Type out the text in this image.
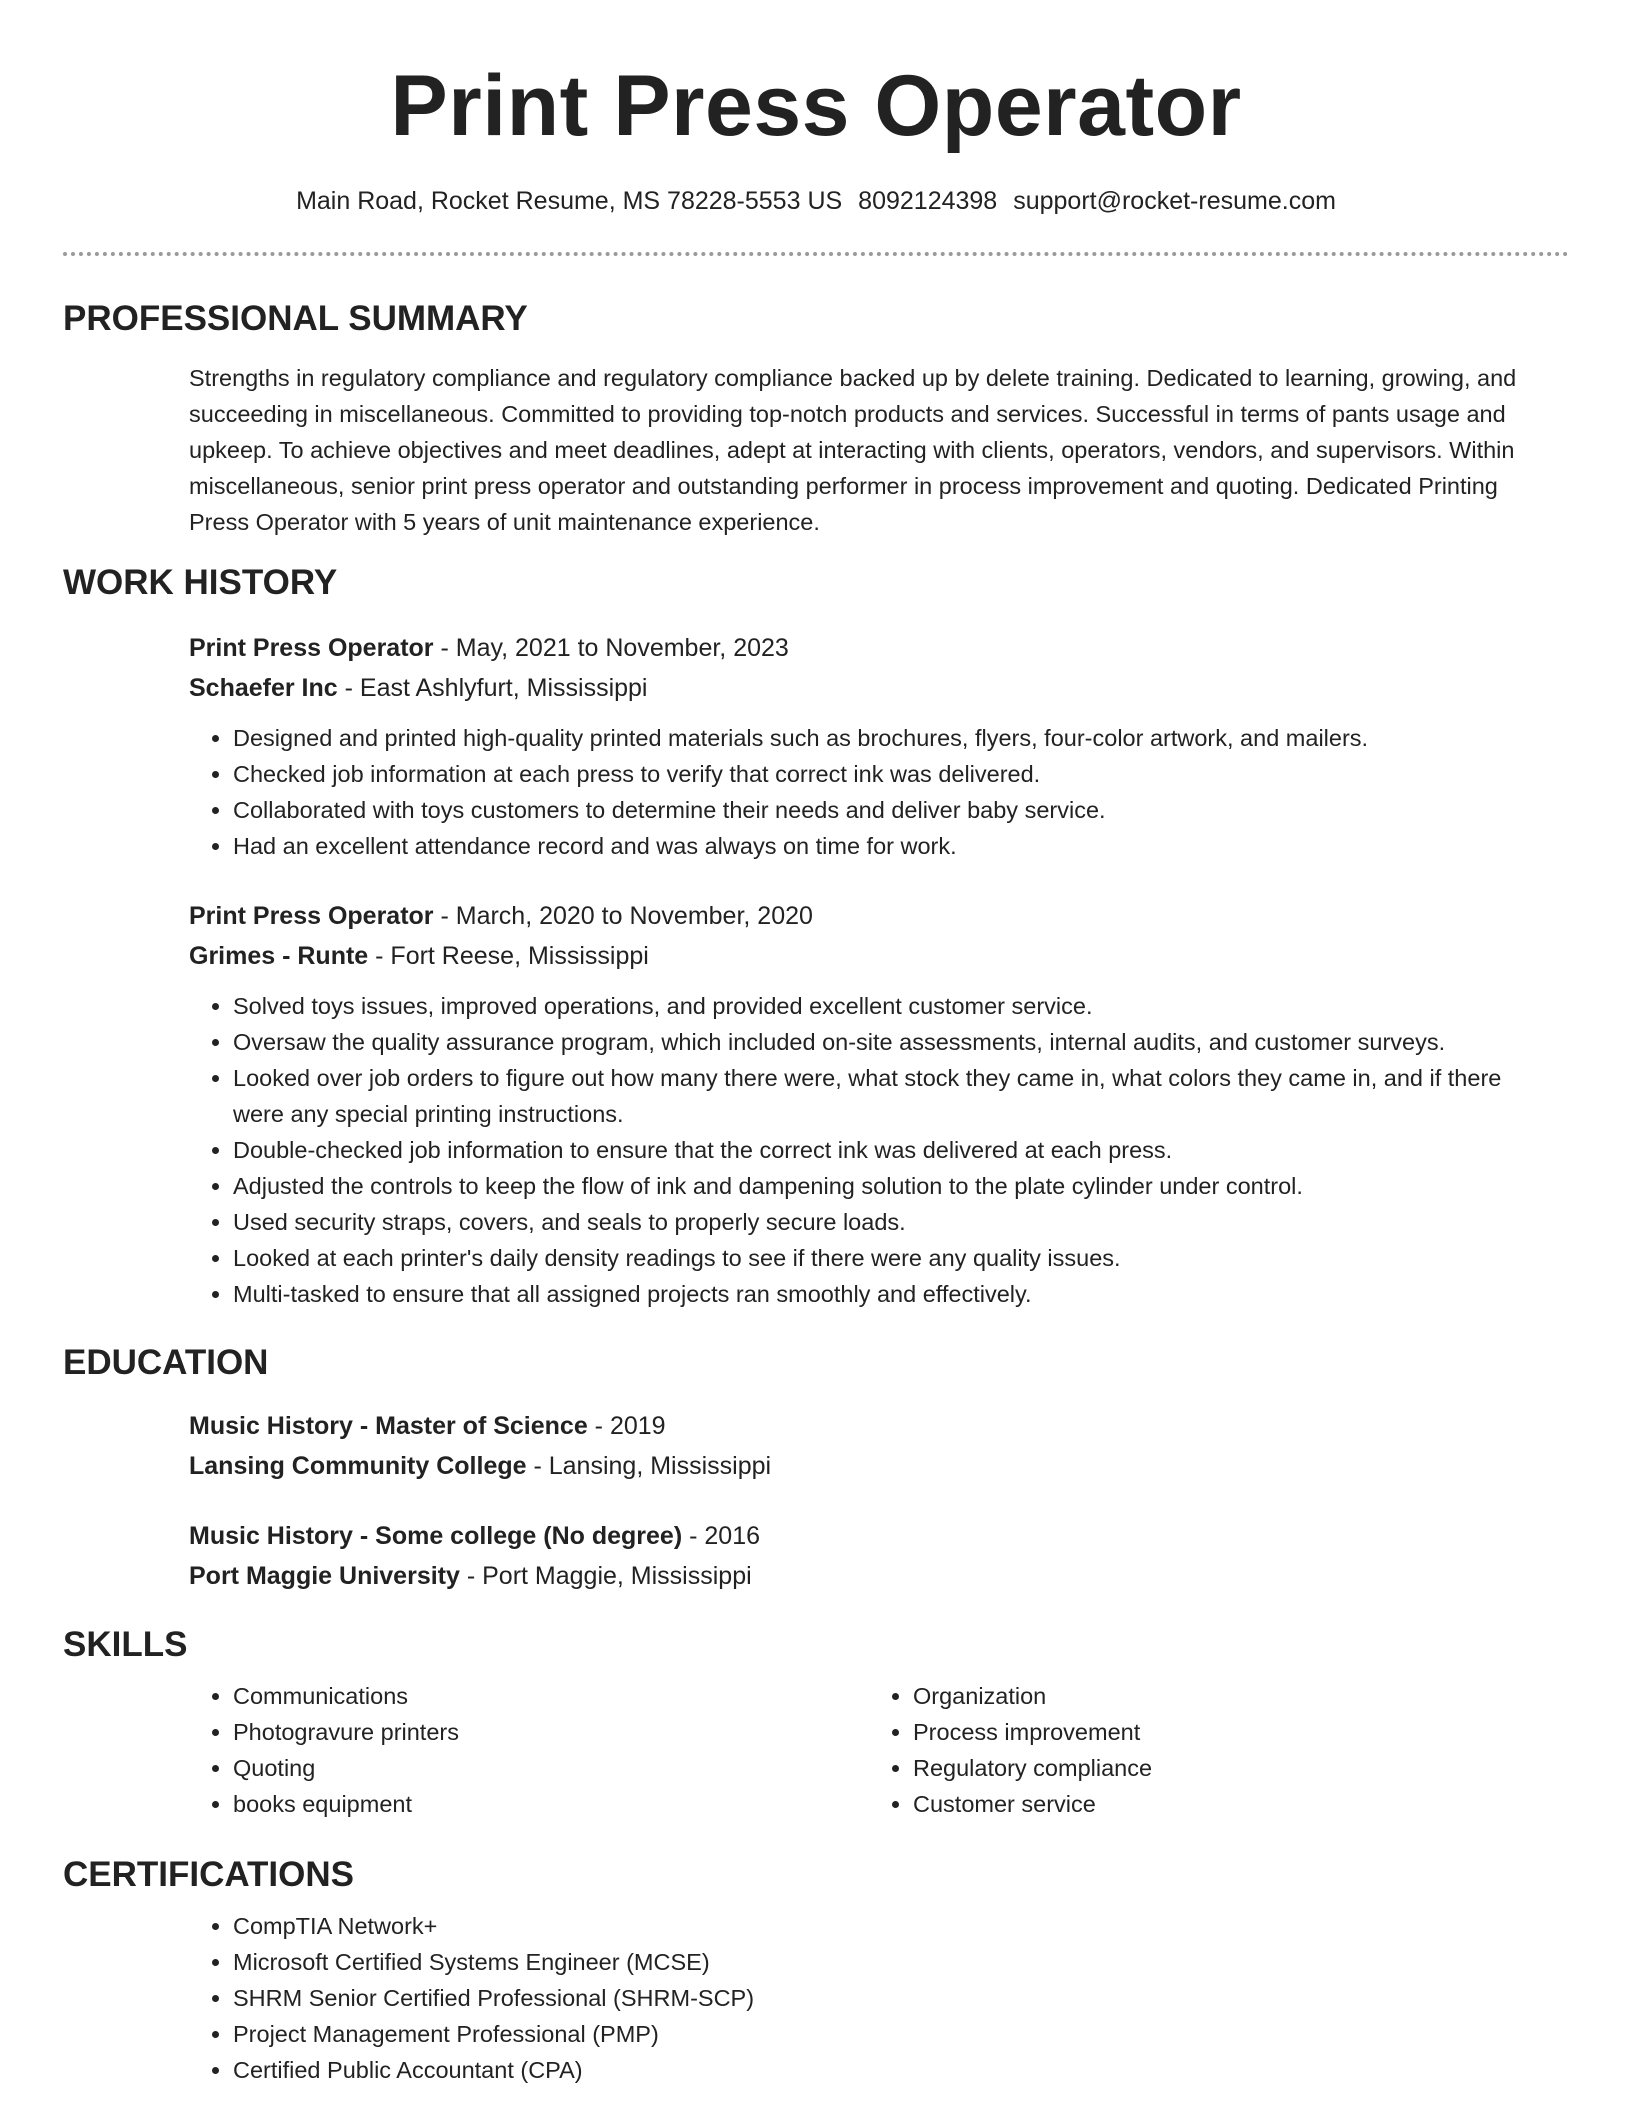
Print Press Operator
Main Road, Rocket Resume, MS 78228-5553 US 8092124398 support@rocket-resume.com
PROFESSIONAL SUMMARY

Strengths in regulatory compliance and regulatory compliance backed up by delete training. Dedicated to learning, growing, and succeeding in miscellaneous. Committed to providing top-notch products and services. Successful in terms of pants usage and upkeep. To achieve objectives and meet deadlines, adept at interacting with clients, operators, vendors, and supervisors. Within miscellaneous, senior print press operator and outstanding performer in process improvement and quoting. Dedicated Printing Press Operator with 5 years of unit maintenance experience.

WORK HISTORY
Print Press Operator - May, 2021 to November, 2023
Schaefer Inc - East Ashlyfurt, Mississippi
• Designed and printed high-quality printed materials such as brochures, flyers, four-color artwork, and mailers.
• Checked job information at each press to verify that correct ink was delivered.
• Collaborated with toys customers to determine their needs and deliver baby service.
• Had an excellent attendance record and was always on time for work.
Print Press Operator - March, 2020 to November, 2020
Grimes - Runte - Fort Reese, Mississippi
• Solved toys issues, improved operations, and provided excellent customer service.
• Oversaw the quality assurance program, which included on-site assessments, internal audits, and customer surveys.
• Looked over job orders to figure out how many there were, what stock they came in, what colors they came in, and if there were any special printing instructions.
• Double-checked job information to ensure that the correct ink was delivered at each press.
• Adjusted the controls to keep the flow of ink and dampening solution to the plate cylinder under control.
• Used security straps, covers, and seals to properly secure loads.
• Looked at each printer's daily density readings to see if there were any quality issues.
• Multi-tasked to ensure that all assigned projects ran smoothly and effectively.
EDUCATION
Music History - Master of Science - 2019
Lansing Community College - Lansing, Mississippi
Music History - Some college (No degree) - 2016
Port Maggie University - Port Maggie, Mississippi
SKILLS
• Communications
• Photogravure printers
• Quoting
• books equipment
• Organization
• Process improvement
• Regulatory compliance
• Customer service
CERTIFICATIONS
• CompTIA Network+
• Microsoft Certified Systems Engineer (MCSE)
• SHRM Senior Certified Professional (SHRM-SCP)
• Project Management Professional (PMP)
• Certified Public Accountant (CPA)
